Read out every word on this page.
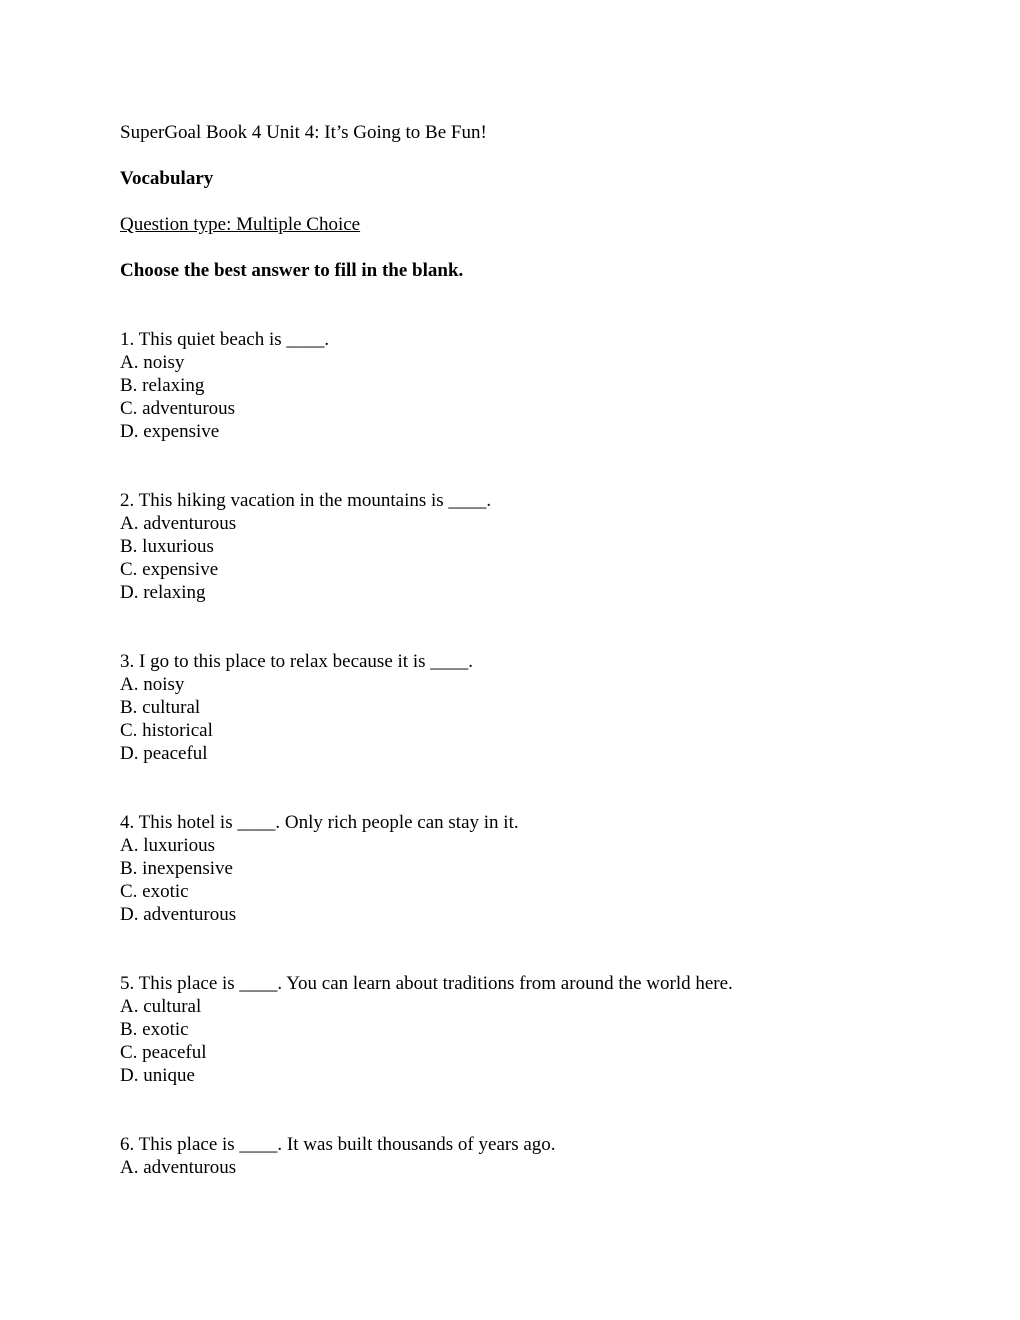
SuperGoal Book 4 Unit 4: It’s Going to Be Fun!
Vocabulary
Question type: Multiple Choice
Choose the best answer to fill in the blank.
1. This quiet beach is ____.
A. noisy
B. relaxing
C. adventurous
D. expensive
2. This hiking vacation in the mountains is ____.
A. adventurous
B. luxurious
C. expensive
D. relaxing
3. I go to this place to relax because it is ____.
A. noisy
B. cultural
C. historical
D. peaceful
4. This hotel is ____. Only rich people can stay in it.
A. luxurious
B. inexpensive
C. exotic
D. adventurous
5. This place is ____. You can learn about traditions from around the world here.
A. cultural
B. exotic
C. peaceful
D. unique
6. This place is ____. It was built thousands of years ago.
A. adventurous
